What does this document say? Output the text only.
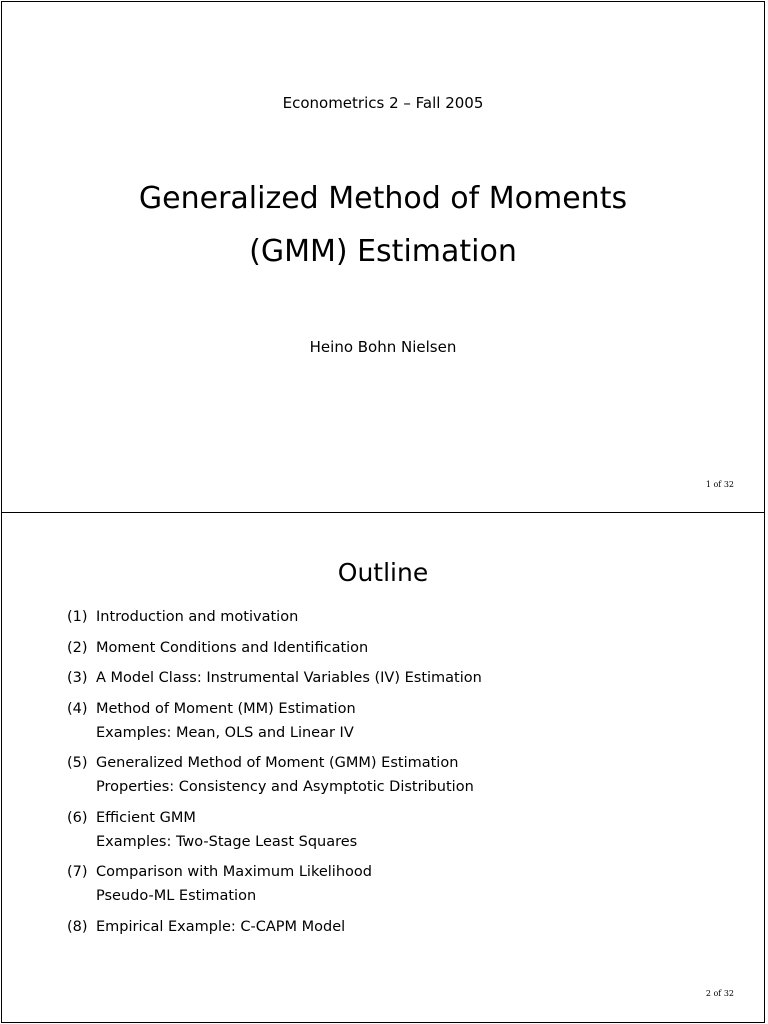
Econometrics 2 – Fall 2005
Generalized Method of Moments
(GMM) Estimation
Heino Bohn Nielsen
1 of 32
Outline
(1) Introduction and motivation
(2) Moment Conditions and Identification
(3) A Model Class: Instrumental Variables (IV) Estimation
(4) Method of Moment (MM) Estimation
Examples: Mean, OLS and Linear IV
(5) Generalized Method of Moment (GMM) Estimation
Properties: Consistency and Asymptotic Distribution
(6) Efficient GMM
Examples: Two-Stage Least Squares
(7) Comparison with Maximum Likelihood
Pseudo-ML Estimation
(8) Empirical Example: C-CAPM Model
2 of 32
